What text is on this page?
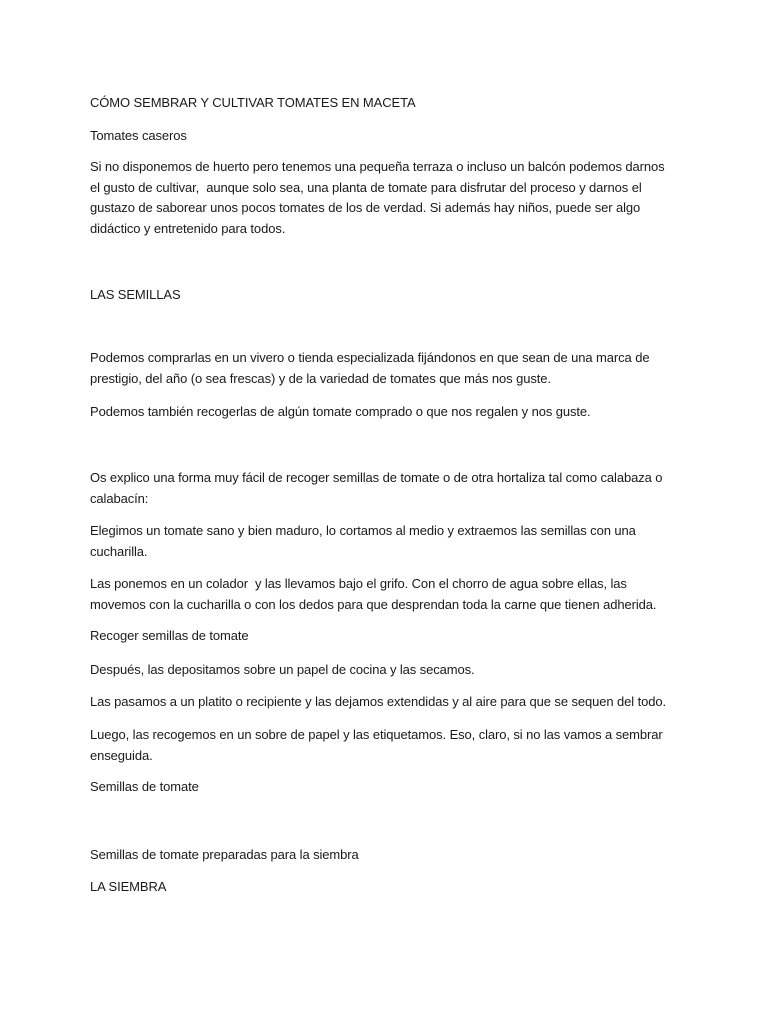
CÓMO SEMBRAR Y CULTIVAR TOMATES EN MACETA

Tomates caseros

Si no disponemos de huerto pero tenemos una pequeña terraza o incluso un balcón podemos darnos el gusto de cultivar,  aunque solo sea, una planta de tomate para disfrutar del proceso y darnos el gustazo de saborear unos pocos tomates de los de verdad. Si además hay niños, puede ser algo didáctico y entretenido para todos.

LAS SEMILLAS

Podemos comprarlas en un vivero o tienda especializada fijándonos en que sean de una marca de prestigio, del año (o sea frescas) y de la variedad de tomates que más nos guste.

Podemos también recogerlas de algún tomate comprado o que nos regalen y nos guste.

Os explico una forma muy fácil de recoger semillas de tomate o de otra hortaliza tal como calabaza o calabacín:

Elegimos un tomate sano y bien maduro, lo cortamos al medio y extraemos las semillas con una cucharilla.

Las ponemos en un colador  y las llevamos bajo el grifo. Con el chorro de agua sobre ellas, las movemos con la cucharilla o con los dedos para que desprendan toda la carne que tienen adherida.

Recoger semillas de tomate

Después, las depositamos sobre un papel de cocina y las secamos.

Las pasamos a un platito o recipiente y las dejamos extendidas y al aire para que se sequen del todo.

Luego, las recogemos en un sobre de papel y las etiquetamos. Eso, claro, si no las vamos a sembrar enseguida.

Semillas de tomate

Semillas de tomate preparadas para la siembra

LA SIEMBRA
